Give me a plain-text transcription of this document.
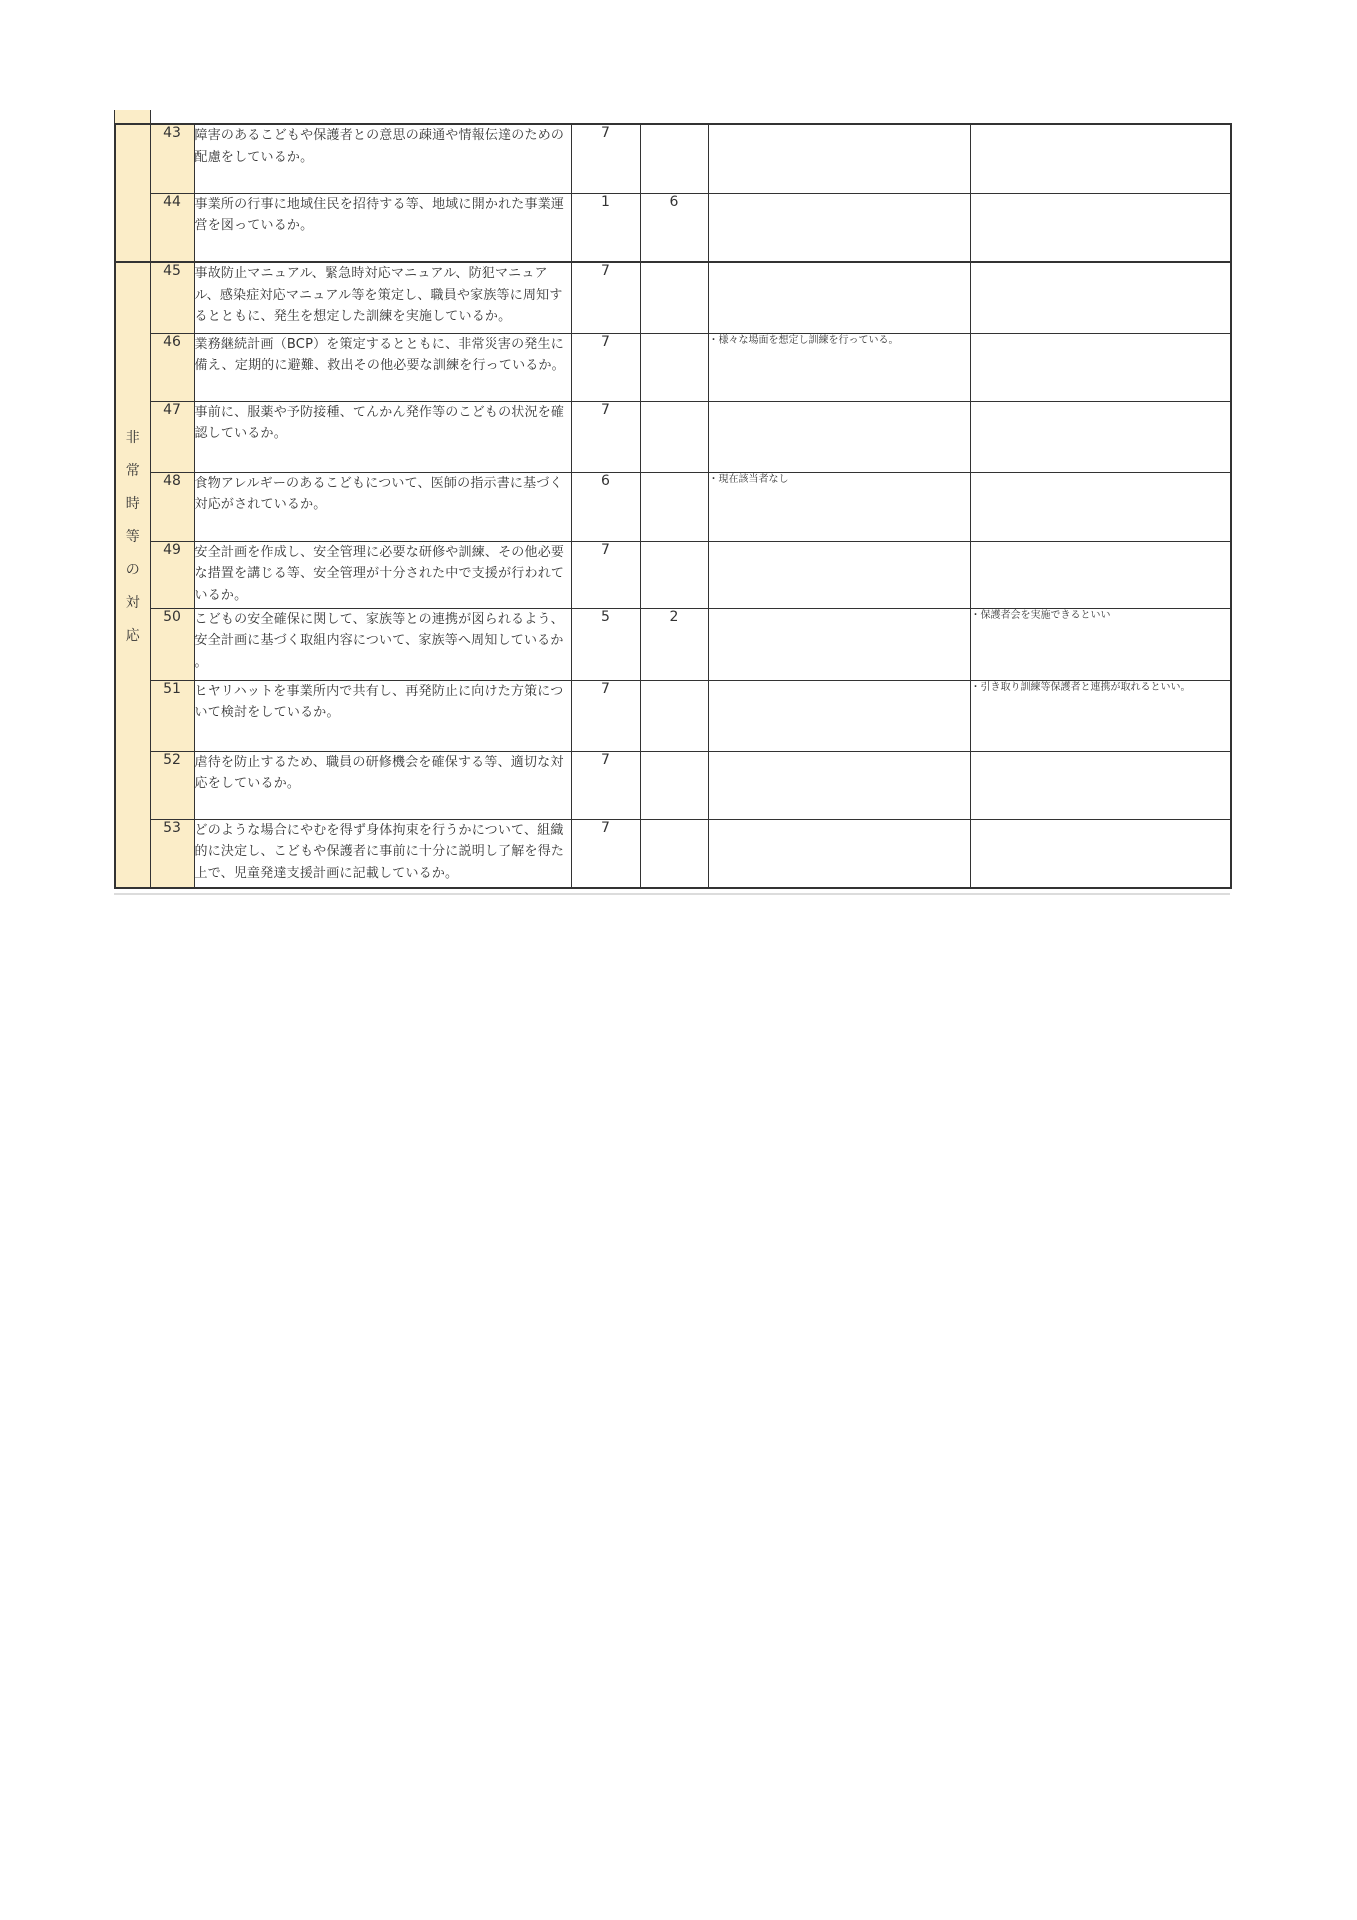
	43	障害のあるこどもや保護者との意思の疎通や情報伝達のための配慮をしているか。	7			
	44	事業所の行事に地域住民を招待する等、地域に開かれた事業運営を図っているか。	1	6		
非常時等の対応	45	事故防止マニュアル、緊急時対応マニュアル、防犯マニュアル、感染症対応マニュアル等を策定し、職員や家族等に周知するとともに、発生を想定した訓練を実施しているか。	7			
	46	業務継続計画（BCP）を策定するとともに、非常災害の発生に備え、定期的に避難、救出その他必要な訓練を行っているか。	7		・様々な場面を想定し訓練を行っている。	
	47	事前に、服薬や予防接種、てんかん発作等のこどもの状況を確認しているか。	7			
	48	食物アレルギーのあるこどもについて、医師の指示書に基づく対応がされているか。	6		・現在該当者なし	
	49	安全計画を作成し、安全管理に必要な研修や訓練、その他必要な措置を講じる等、安全管理が十分された中で支援が行われているか。	7			
	50	こどもの安全確保に関して、家族等との連携が図られるよう、安全計画に基づく取組内容について、家族等へ周知しているか 。	5	2		・保護者会を実施できるといい
	51	ヒヤリハットを事業所内で共有し、再発防止に向けた方策について検討をしているか。	7			・引き取り訓練等保護者と連携が取れるといい。
	52	虐待を防止するため、職員の研修機会を確保する等、適切な対応をしているか。	7			
	53	どのような場合にやむを得ず身体拘束を行うかについて、組織的に決定し、こどもや保護者に事前に十分に説明し了解を得た上で、児童発達支援計画に記載しているか。	7			
